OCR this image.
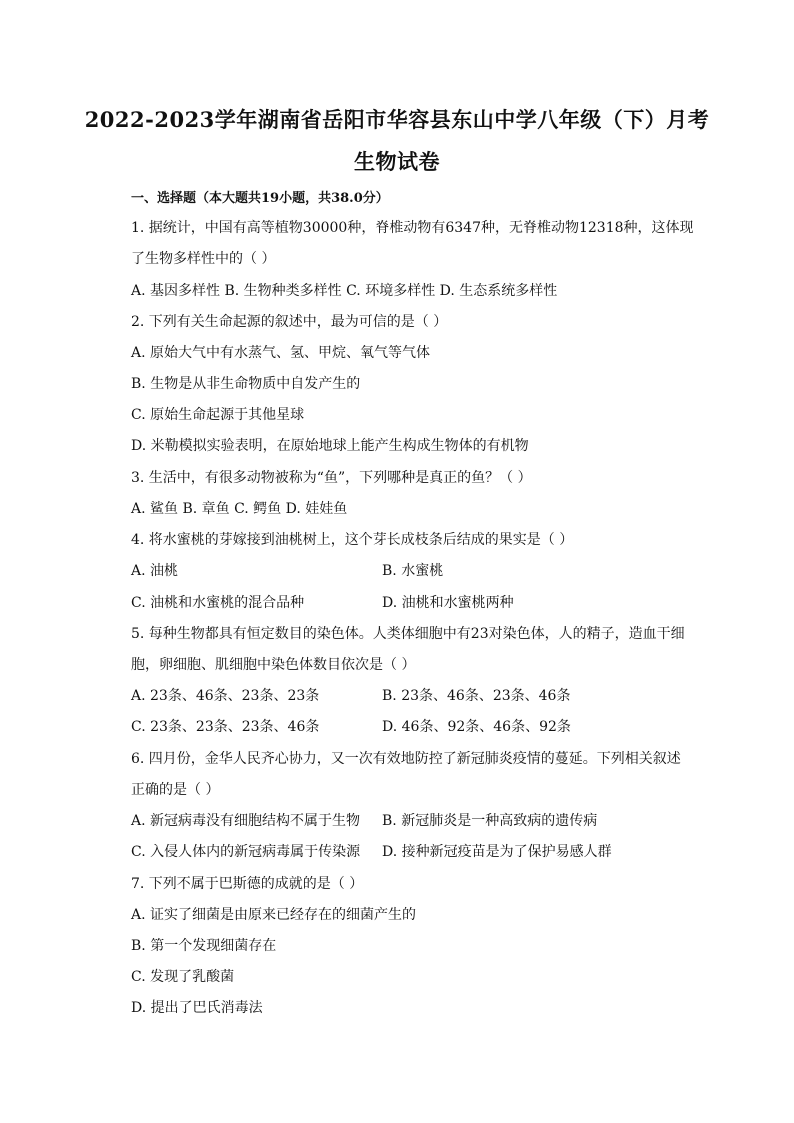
2022-2023学年湖南省岳阳市华容县东山中学八年级（下）月考
生物试卷
一、选择题（本大题共19小题，共38.0分）
1. 据统计，中国有高等植物30000种，脊椎动物有6347种，无脊椎动物12318种，这体现
了生物多样性中的（ ）
A. 基因多样性 B. 生物种类多样性 C. 环境多样性 D. 生态系统多样性
2. 下列有关生命起源的叙述中，最为可信的是（ ）
A. 原始大气中有水蒸气、氢、甲烷、氧气等气体
B. 生物是从非生命物质中自发产生的
C. 原始生命起源于其他星球
D. 米勒模拟实验表明，在原始地球上能产生构成生物体的有机物
3. 生活中，有很多动物被称为“鱼”，下列哪种是真正的鱼？（ ）
A. 鲨鱼 B. 章鱼 C. 鳄鱼 D. 娃娃鱼
4. 将水蜜桃的芽嫁接到油桃树上，这个芽长成枝条后结成的果实是（ ）
A. 油桃	B. 水蜜桃
C. 油桃和水蜜桃的混合品种	D. 油桃和水蜜桃两种
5. 每种生物都具有恒定数目的染色体。人类体细胞中有23对染色体，人的精子，造血干细
胞，卵细胞、肌细胞中染色体数目依次是（ ）
A. 23条、46条、23条、23条	B. 23条、46条、23条、46条
C. 23条、23条、23条、46条	D. 46条、92条、46条、92条
6. 四月份，金华人民齐心协力，又一次有效地防控了新冠肺炎疫情的蔓延。下列相关叙述
正确的是（ ）
A. 新冠病毒没有细胞结构不属于生物 B. 新冠肺炎是一种高致病的遗传病
C. 入侵人体内的新冠病毒属于传染源 D. 接种新冠疫苗是为了保护易感人群
7. 下列不属于巴斯德的成就的是（ ）
A. 证实了细菌是由原来已经存在的细菌产生的
B. 第一个发现细菌存在
C. 发现了乳酸菌
D. 提出了巴氏消毒法
